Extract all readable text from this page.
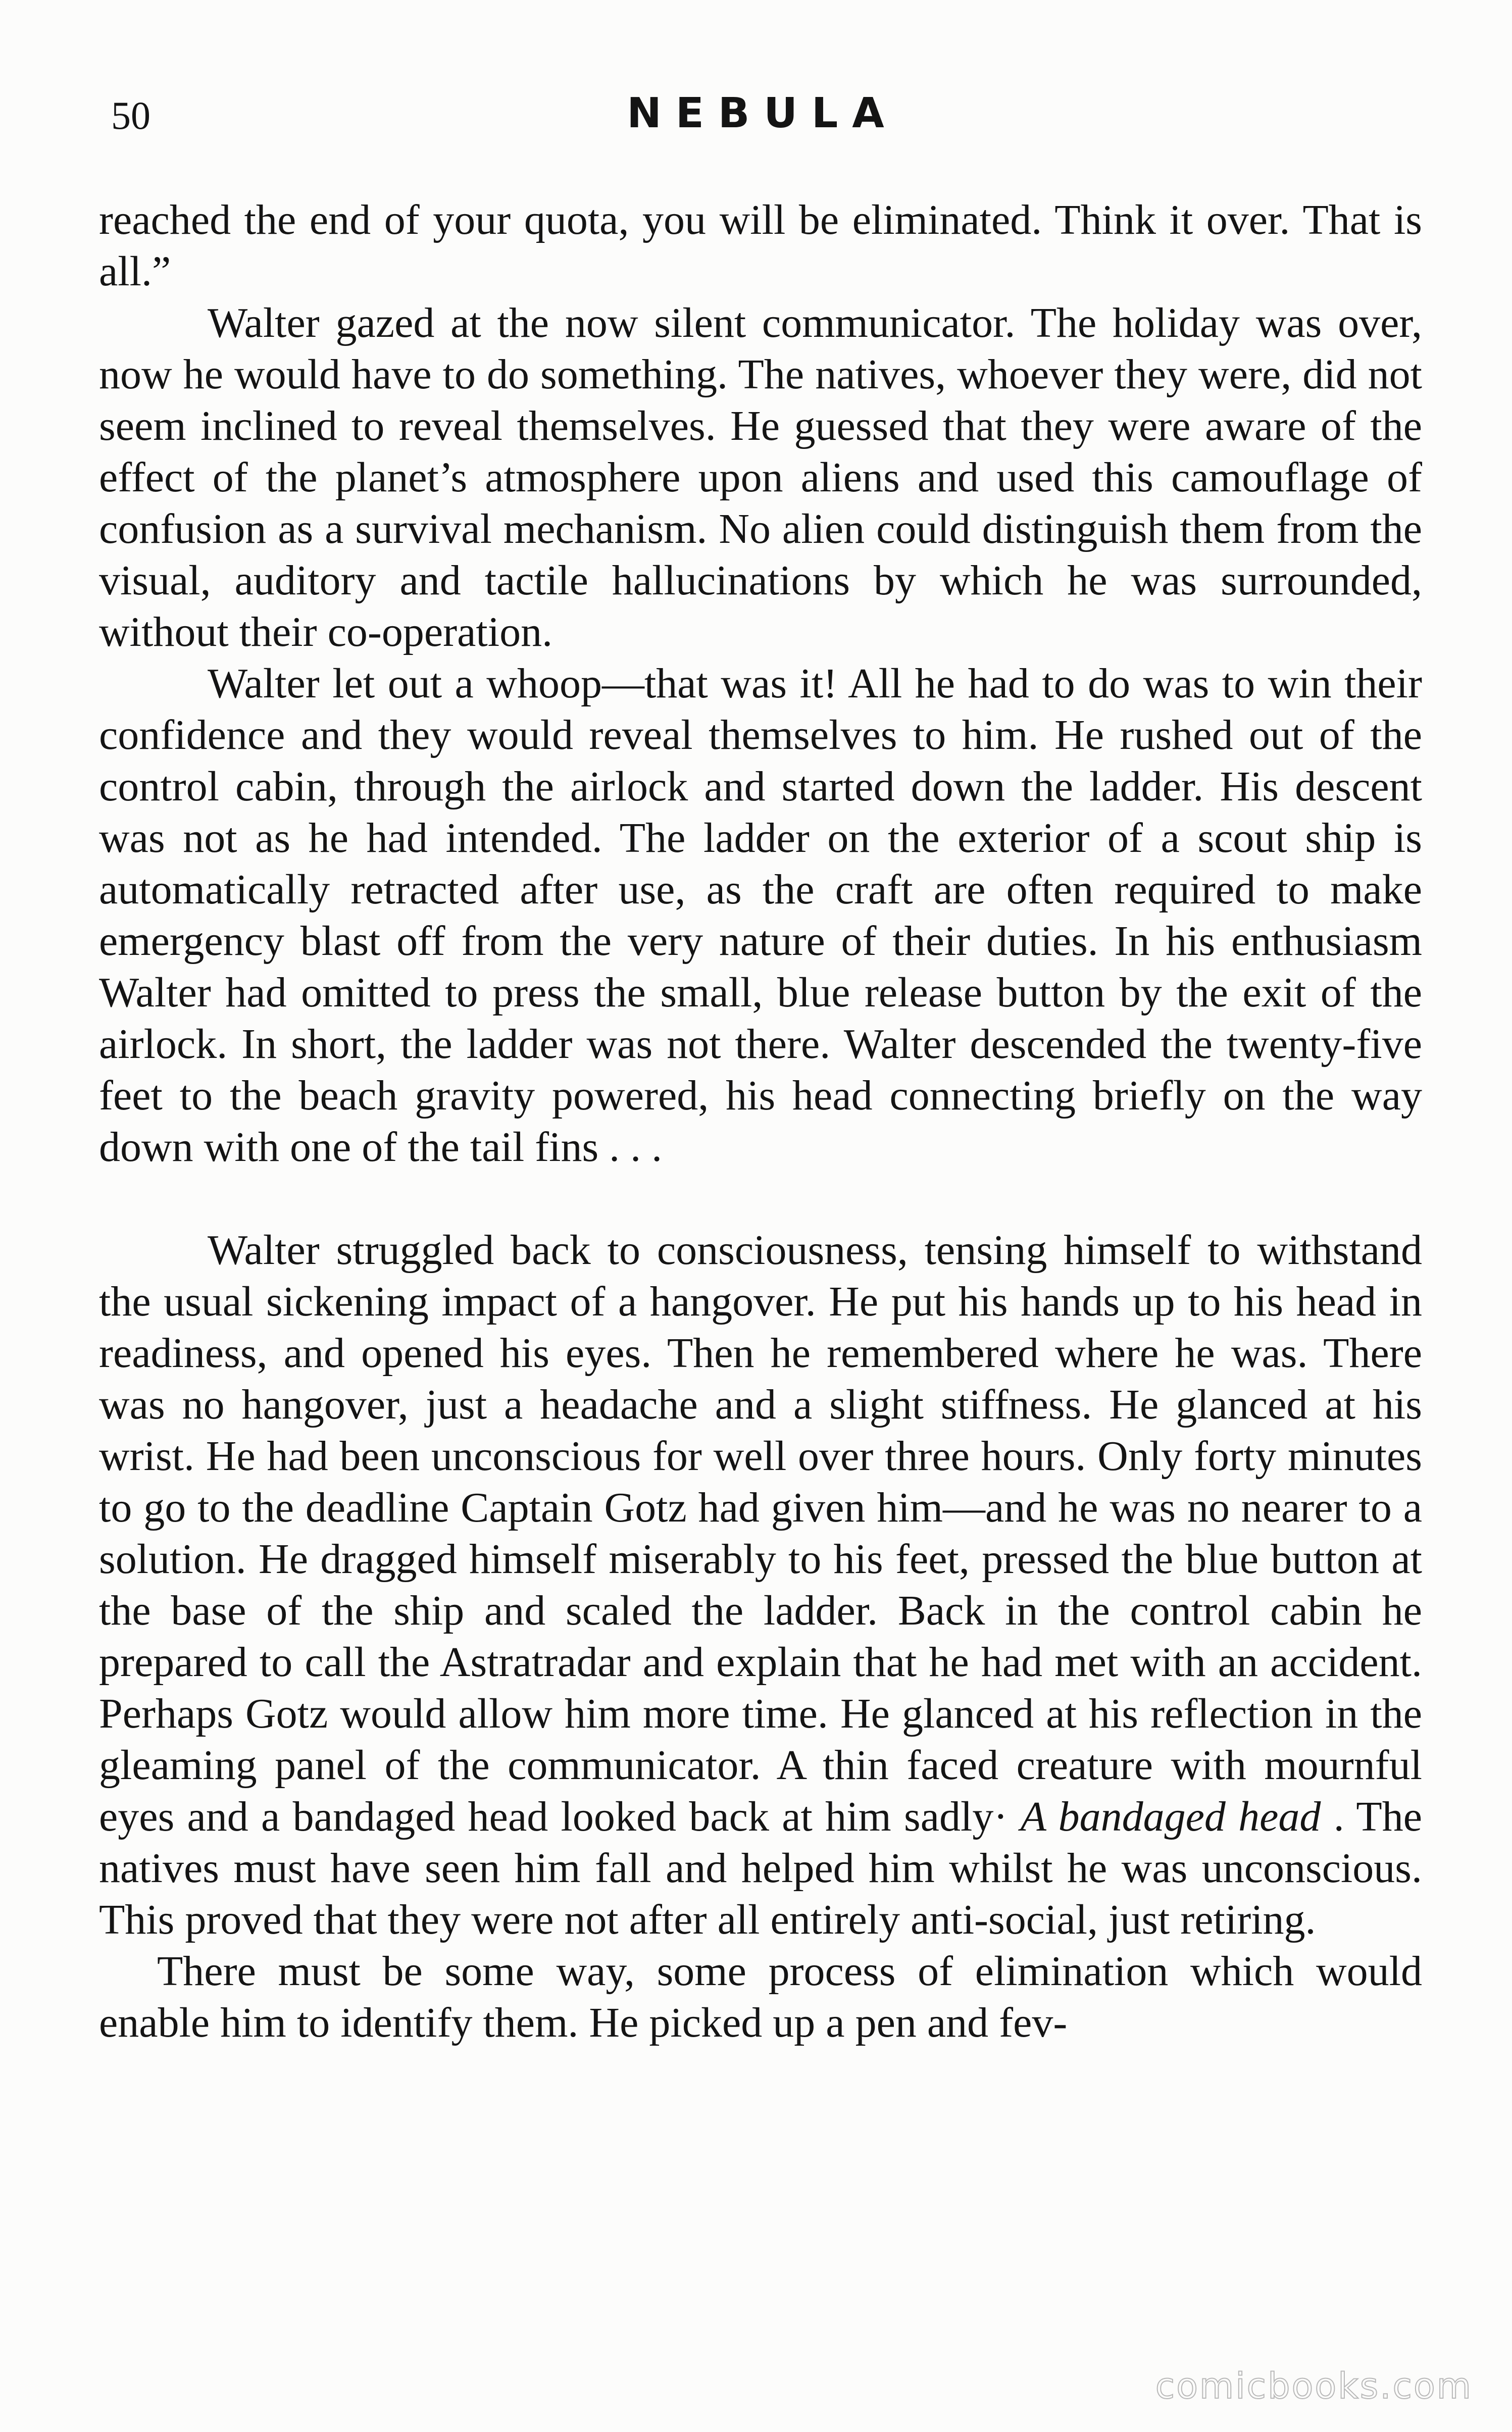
50	NEBULA

reached the end of your quota, you will be eliminated. Think it over. That is all.”

Walter gazed at the now silent communicator. The holiday was over, now he would have to do something. The natives, whoever they were, did not seem inclined to reveal themselves. He guessed that they were aware of the effect of the planet’s atmosphere upon aliens and used this camouflage of confusion as a survival mechanism. No alien could distinguish them from the visual, auditory and tactile hallucinations by which he was surrounded, without their co-operation.

Walter let out a whoop—that was it! All he had to do was to win their confidence and they would reveal themselves to him. He rushed out of the control cabin, through the airlock and started down the ladder. His descent was not as he had intended. The ladder on the exterior of a scout ship is automatically retracted after use, as the craft are often required to make emergency blast off from the very nature of their duties. In his enthusiasm Walter had omitted to press the small, blue release button by the exit of the airlock. In short, the ladder was not there. Walter descended the twenty-five feet to the beach gravity powered, his head connecting briefly on the way down with one of the tail fins . . .

Walter struggled back to consciousness, tensing himself to withstand the usual sickening impact of a hangover. He put his hands up to his head in readiness, and opened his eyes. Then he remembered where he was. There was no hangover, just a headache and a slight stiffness. He glanced at his wrist. He had been unconscious for well over three hours. Only forty minutes to go to the deadline Captain Gotz had given him—and he was no nearer to a solution. He dragged himself miserably to his feet, pressed the blue button at the base of the ship and scaled the ladder. Back in the control cabin he prepared to call the Astratradar and explain that he had met with an accident. Perhaps Gotz would allow him more time. He glanced at his reflection in the gleaming panel of the communicator. A thin faced creature with mournful eyes and a bandaged head looked back at him sadly· A bandaged head . The natives must have seen him fall and helped him whilst he was unconscious. This proved that they were not after all entirely anti-social, just retiring.

There must be some way, some process of elimination which would enable him to identify them. He picked up a pen and fev-

comicbooks.com
